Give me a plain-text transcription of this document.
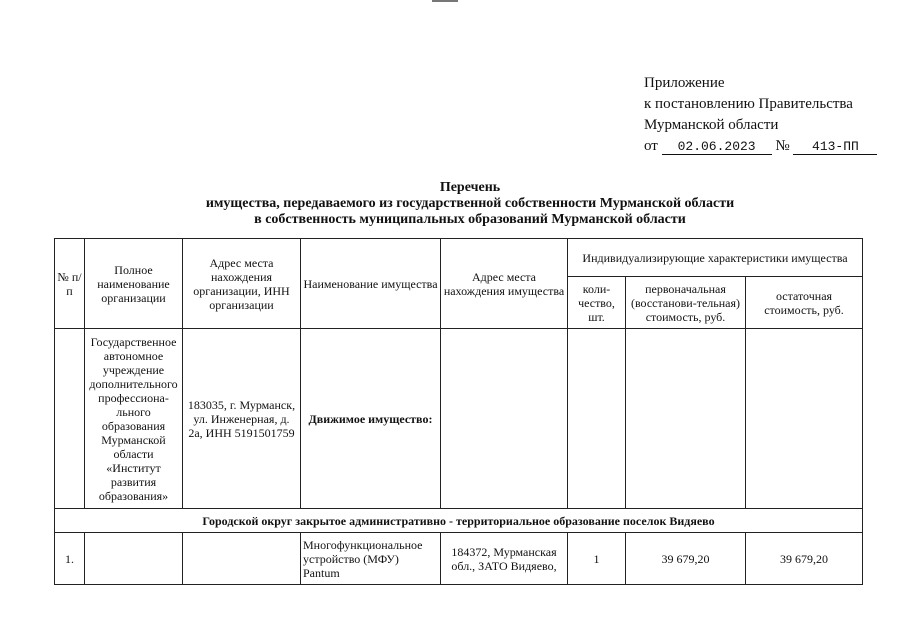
Приложение
к постановлению Правительства
Мурманской области
от 02.06.2023 № 413-ПП
Перечень
имущества, передаваемого из государственной собственности Мурманской области
в собственность муниципальных образований Мурманской области
№ п/п	Полное наименование организации	Адрес места нахождения организации, ИНН организации	Наименование имущества	Адрес места нахождения имущества	Индивидуализирующие характеристики имущества		
					коли-чество, шт.	первоначальная (восстанови-тельная) стоимость, руб.	остаточная стоимость, руб.
	Государственное автономное учреждение дополнительного профессиона-льного образования Мурманской области «Институт развития образования»	183035, г. Мурманск, ул. Инженерная, д. 2а, ИНН 5191501759	Движимое имущество:				
Городской округ закрытое административно - территориальное образование поселок Видяево							
1.			Многофункциональное устройство (МФУ) Pantum	184372, Мурманская обл., ЗАТО Видяево,	1	39 679,20	39 679,20
